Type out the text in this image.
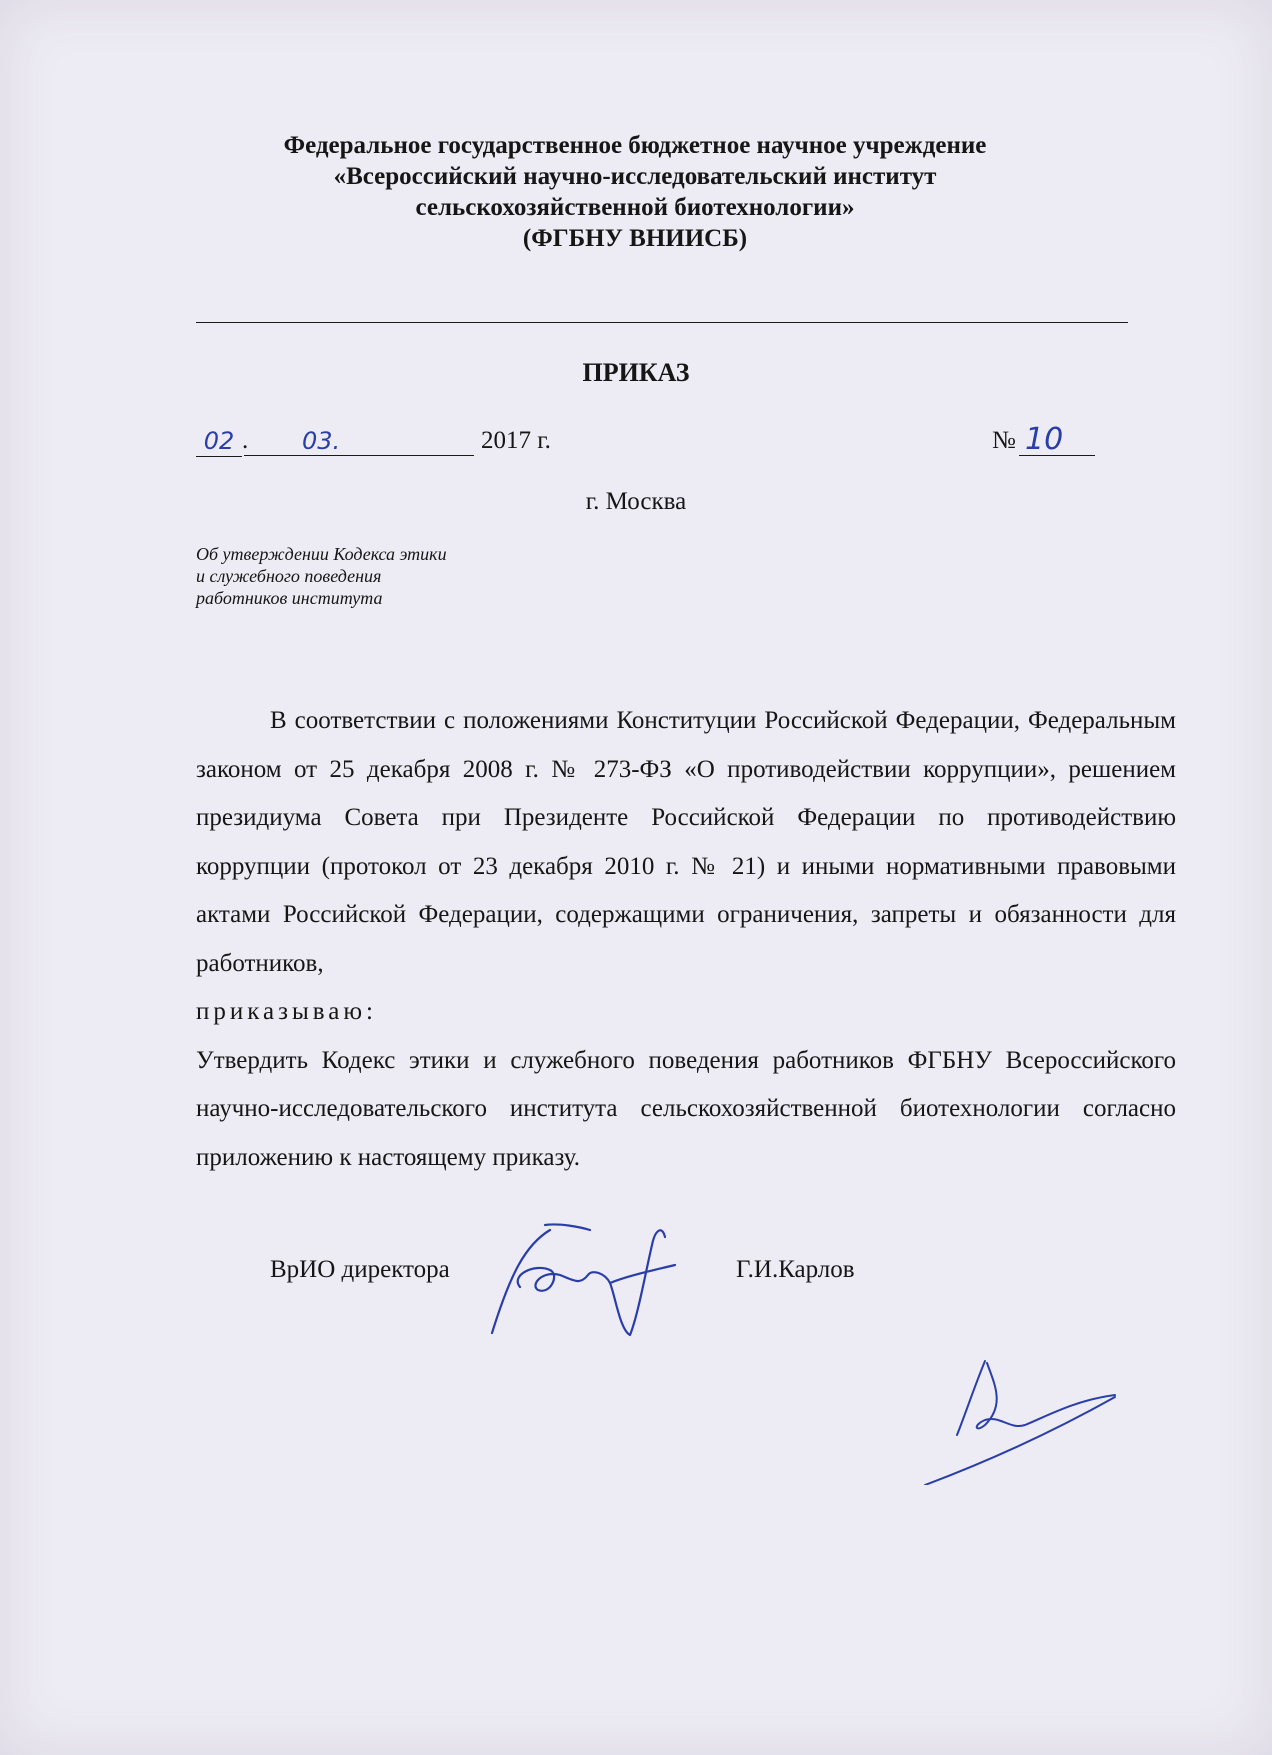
Федеральное государственное бюджетное научное учреждение
«Всероссийский научно-исследовательский институт
сельскохозяйственной биотехнологии»
(ФГБНУ ВНИИСБ)
ПРИКАЗ
02 .	03.	2017 г.	№ 10
г. Москва
Об утверждении Кодекса этики
и служебного поведения
работников института

В соответствии с положениями Конституции Российской Федерации, Федеральным законом от 25 декабря 2008 г. № 273-ФЗ «О противодействии коррупции», решением президиума Совета при Президенте Российской Федерации по противодействию коррупции (протокол от 23 декабря 2010 г. № 21) и иными нормативными правовыми актами Российской Федерации, содержащими ограничения, запреты и обязанности для работников,
приказываю:

Утвердить Кодекс этики и служебного поведения работников ФГБНУ Всероссийского научно-исследовательского института сельскохозяйственной биотехнологии согласно приложению к настоящему приказу.

ВрИО директора	Г.И.Карлов
